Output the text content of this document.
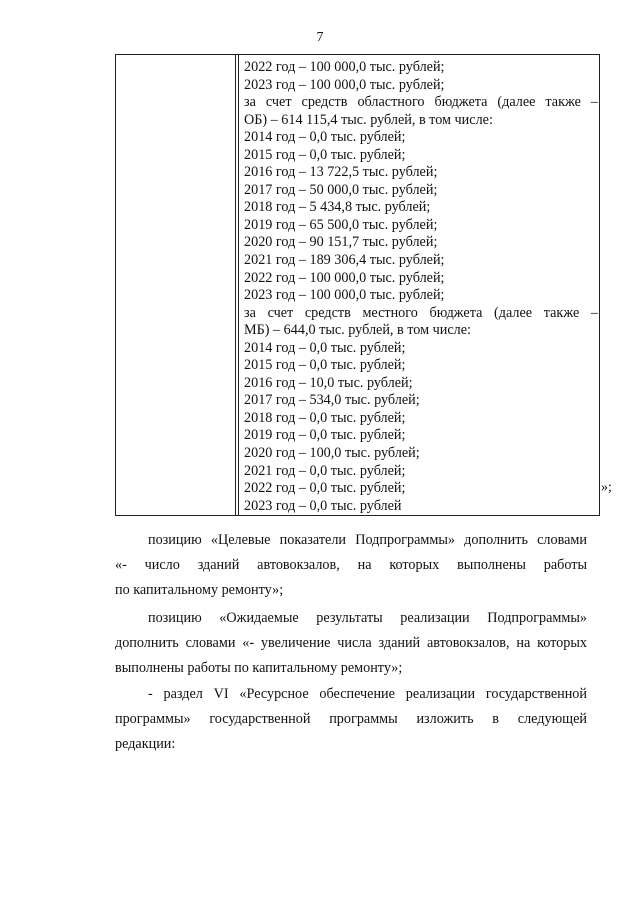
7
2022 год – 100 000,0 тыс. рублей;
2023 год – 100 000,0 тыс. рублей;
за счет средств областного бюджета (далее также –
ОБ) – 614 115,4 тыс. рублей, в том числе:
2014 год – 0,0 тыс. рублей;
2015 год – 0,0 тыс. рублей;
2016 год – 13 722,5 тыс. рублей;
2017 год – 50 000,0 тыс. рублей;
2018 год – 5 434,8 тыс. рублей;
2019 год – 65 500,0 тыс. рублей;
2020 год – 90 151,7 тыс. рублей;
2021 год – 189 306,4 тыс. рублей;
2022 год – 100 000,0 тыс. рублей;
2023 год – 100 000,0 тыс. рублей;
за счет средств местного бюджета (далее также –
МБ) – 644,0 тыс. рублей, в том числе:
2014 год – 0,0 тыс. рублей;
2015 год – 0,0 тыс. рублей;
2016 год – 10,0 тыс. рублей;
2017 год – 534,0 тыс. рублей;
2018 год – 0,0 тыс. рублей;
2019 год – 0,0 тыс. рублей;
2020 год – 100,0 тыс. рублей;
2021 год – 0,0 тыс. рублей;
2022 год – 0,0 тыс. рублей;
2023 год – 0,0 тыс. рублей
»;
позицию «Целевые показатели Подпрограммы» дополнить словами
«- число зданий автовокзалов, на которых выполнены работы
по капитальному ремонту»;
позицию «Ожидаемые результаты реализации Подпрограммы»
дополнить словами «- увеличение числа зданий автовокзалов, на которых
выполнены работы по капитальному ремонту»;
- раздел VI «Ресурсное обеспечение реализации государственной
программы» государственной программы изложить в следующей
редакции:
